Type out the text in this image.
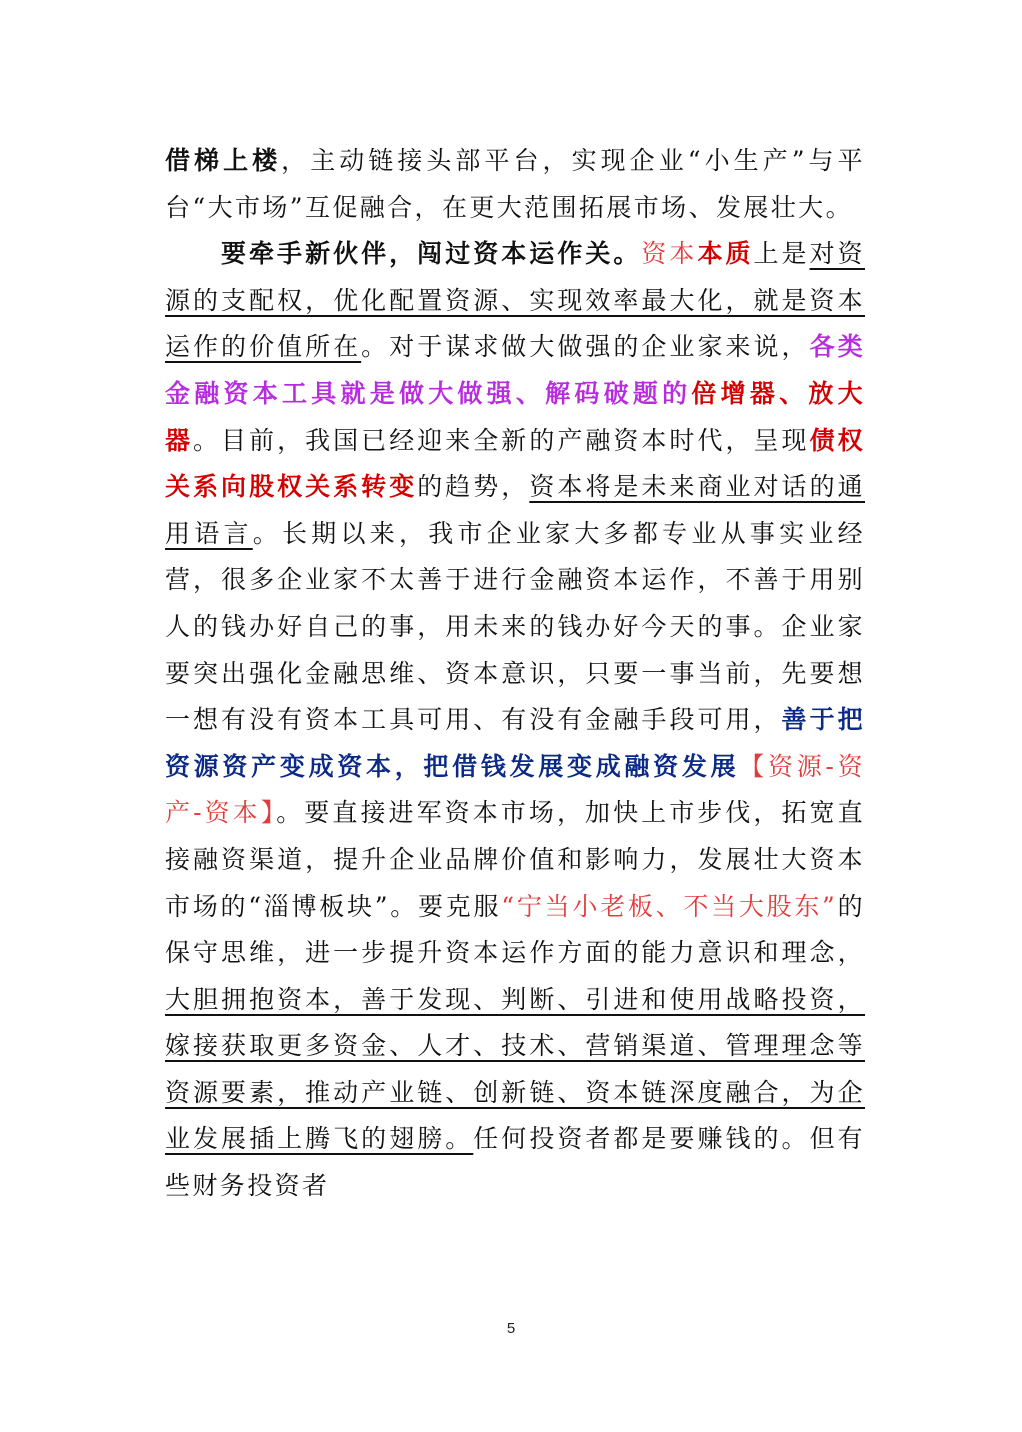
借梯上楼，主动链接头部平台，实现企业“小生产”与平台“大市场”互促融合，在更大范围拓展市场、发展壮大。

要牵手新伙伴，闯过资本运作关。资本本质上是对资源的支配权，优化配置资源、实现效率最大化，就是资本运作的价值所在。对于谋求做大做强的企业家来说，各类金融资本工具就是做大做强、解码破题的倍增器、放大器。目前，我国已经迎来全新的产融资本时代，呈现债权关系向股权关系转变的趋势，资本将是未来商业对话的通用语言。长期以来，我市企业家大多都专业从事实业经营，很多企业家不太善于进行金融资本运作，不善于用别人的钱办好自己的事，用未来的钱办好今天的事。企业家要突出强化金融思维、资本意识，只要一事当前，先要想一想有没有资本工具可用、有没有金融手段可用，善于把资源资产变成资本，把借钱发展变成融资发展【资源-资产-资本】。要直接进军资本市场，加快上市步伐，拓宽直接融资渠道，提升企业品牌价值和影响力，发展壮大资本市场的“淄博板块”。要克服“宁当小老板、不当大股东”的保守思维，进一步提升资本运作方面的能力意识和理念，大胆拥抱资本，善于发现、判断、引进和使用战略投资，嫁接获取更多资金、人才、技术、营销渠道、管理理念等资源要素，推动产业链、创新链、资本链深度融合，为企业发展插上腾飞的翅膀。任何投资者都是要赚钱的。但有些财务投资者

5
